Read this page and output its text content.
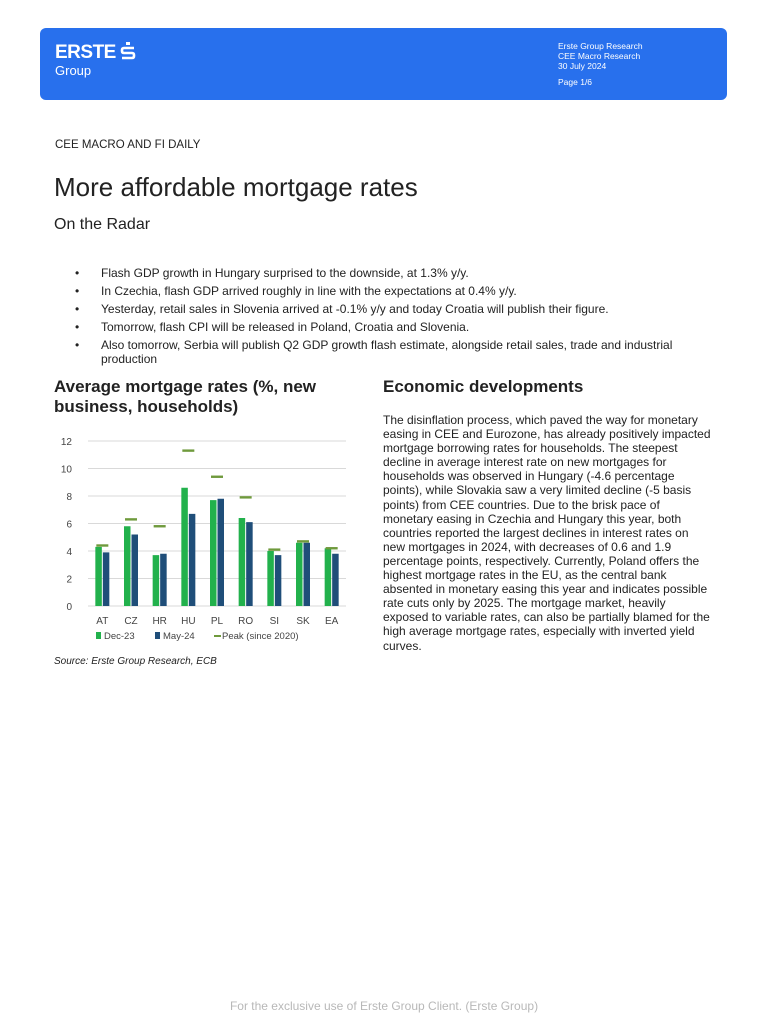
ERSTE
Group
Erste Group Research
CEE Macro Research
30 July 2024
Page 1/6
CEE MACRO AND FI DAILY
More affordable mortgage rates
On the Radar
• Flash GDP growth in Hungary surprised to the downside, at 1.3% y/y.
• In Czechia, flash GDP arrived roughly in line with the expectations at 0.4% y/y.
• Yesterday, retail sales in Slovenia arrived at -0.1% y/y and today Croatia will publish their figure.
• Tomorrow, flash CPI will be released in Poland, Croatia and Slovenia.
• Also tomorrow, Serbia will publish Q2 GDP growth flash estimate, alongside retail sales, trade and industrial production
Average mortgage rates (%, new business, households)
0
2
4
6
8
10
12
AT CZ HR HU PL RO SI SK EA
Dec-23	May-24	Peak (since 2020)
Source: Erste Group Research, ECB
Economic developments

The disinflation process, which paved the way for monetary easing in CEE and Eurozone, has already positively impacted mortgage borrowing rates for households. The steepest decline in average interest rate on new mortgages for households was observed in Hungary (-4.6 percentage points), while Slovakia saw a very limited decline (-5 basis points) from CEE countries. Due to the brisk pace of monetary easing in Czechia and Hungary this year, both countries reported the largest declines in interest rates on new mortgages in 2024, with decreases of 0.6 and 1.9 percentage points, respectively. Currently, Poland offers the highest mortgage rates in the EU, as the central bank absented in monetary easing this year and indicates possible rate cuts only by 2025. The mortgage market, heavily exposed to variable rates, can also be partially blamed for the high average mortgage rates, especially with inverted yield curves.

For the exclusive use of Erste Group Client. (Erste Group)
